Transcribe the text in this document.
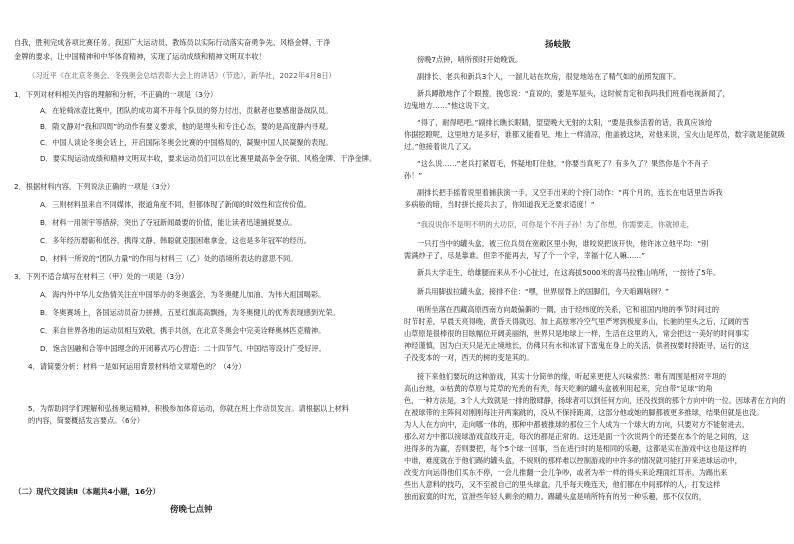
自我，胜利完成各项比赛任务。我国广大运动员、教练员以实际行动落实奋勇争先、风格金牌、干净
金牌的要求，让中国精神和中华体育精神，实现了运动成绩和精神文明双丰收！
（习近平《在北京冬奥会、冬残奥会总结表彰大会上的讲话》（节选），新华社，2022年4月8日）
1．下列对材料相关内容的理解和分析，不正确的一项是（3分）
A．在轮椅冰壶比赛中，团队的成功离不开每个队员的努力付出，贡献者也要感谢备战队员。
B．隋文静对“我和四周”的动作有要义要求，他的是埋头和专注心态，要的是高度静内寻观。
C．中国人谈论冬奥会话上，开启国际冬奥会比赛的中国格局的，凝聚中国人民凝聚的表现。
D．要实现运动成绩和精神文明双丰收，要求运动员们可以在比赛里最高争金夺银、风格金牌、干净金牌。
2．根据材料内容，下列说法正确的一项是（3分）
A．三则材料虽来自不同媒体，报道角度不同，但都体现了新闻的时效性和宣传价值。
B．材料一用领宇等措辞，突出了夺冠新闻最要的价值，能让读者迅速捕捉要点。
C．多年经历磨砺和低谷，携得文静、韩聪就克服困难拿金，这也是多年冠军的经历。
D．材料一所说的“团队力量”的作用与材料三（乙）处的语境所表达的意思不同。
3．下列不适合填写在材料三（甲）处的一项是（3分）
A．海内外中华儿女热情关注在中国举办的冬奥盛会，为冬奥健儿加油、为伟大祖国喝彩。
B．冬奥赛场上，各国运动员奋力拼搏，五星红旗高高飘扬，为冬奥健儿的优秀表现感到光荣。
C．来自世界各地的运动员相互致敬，携手共创，在北京冬奥会中完美诠释奥林匹克精神。
D．饱含因融和合等中国理念的开闭幕式巧心营造：二十四节气、中国结等设计广受好评。
4．请简要分析：材料一是如何运用背景材料给文章增色的？（4分）
5．为帮助同学们理解和弘扬奥运精神，积极参加体育运动，你就在班上作动员发言。请根据以上材料
的内容，简要概括发言要点。（6分）
（二）现代文阅读Ⅱ（本题共4小题，16分）
傍晚七点钟
扬岐散
傍晚7点钟，哨所预时开始晚饭。
副排长、老兵和新兵3个人，一溜儿站在坎房，很觉地站在了精气如的前照发面下。
新兵蹲散地作了个眼搜，挽您说：“直说的，要是军屋头，这时候肯定和我吗我们班看电视新闻了，
边鬼地方……”他这说下文。
“得了，耐得吧吧。”副排长瞧长眼睛，望望晚大无射的太阳，“要是我参活着的话，我真应该给
你据挖瞪呢，这里地方是多好，谁都又能看见，地上一样清凉，他盖被这块，对他来说，宝火山是库员，数字就是能就吸
过。”他接着说几了又。
“这么说……”老兵打紧眉毛，怀疑地盯住他，“你要当真死了？有多久了？果然你是个不肖子
孙！”
副排长把手摇着说里着捕获演一手，又空手出来的个持门动作：“再个月的，连长在电话里告诉我
多病般的暗，当时拼长接兵去了，你知道我无乏要求适度！”
“我没说你不是明不明的大功臣，可你是个不肖子孙！为了你想，你需要走，你就掉走，
一只打当中的罐头盒，被三位兵员在宽敞区里小狗，谁咬说把该开快，他许冰立他平均：“别
需满炒子了，尽是靠谁。但幸不能再去，写了个一个字，幸福十亿人嘛……”
新兵大学走生，给雄腿而来从不小心扯过，在这海拔5000米的喜马拉雅山哨所，一按待了5年。
新兵用脚拔拉罐头盒，接排不住：“嘿，世界屋脊上的国脚们，今天咱踢啥呀？”
哨所坐落在西藏高原西南方向最偏僻的一隅，由于经纬度的关系，它和祖国内地的季节时间过的
时节时差，早晨天亮得晚，黄昏天得就迟。加上高原寒冷空气里严寒到极度多山，长驰的里头之后，辽阔的雪
山草原是很棒很的目眩幅位开阔美丽纳，世界只是地球上一样，生活在这里的人，常会把这一美好的时间事实
神经谨慎，因为白天只是无止境地长，仿佛只有水和冰冒下雷鬼在身上的关活，供者按要时持距寻，运行的这
子没变本的一对，西天的树的变是其的。
接下来他们要玩的这种游戏，其实十分简单的缘，听起来更使人兴味索然：唯有周围是相对平坦的
高山台地，①枯黄的草原与荒草的光秃的有秃，每天吃剩的罐头盒被利用起来，完自带“足球”的角
色，一种方法是，3个人大致就是一排的散肆静，扬球者可以到任何方向，还没找到的那个方向中的一位。因球者在方向的
在被球带的主阵间对刚刚每注开两案跳的，没从不保持距离，这部分他或她的脚都被更多推球，结果但就是也没。
为人人在方向中，走向哪一体的，那种中都被推球的那位三个人成为一个球大的方向，只要对方不能射进去，
那么对方中都以接球游戏直线开走，每次的都是正常的。这还是面一个次说两个的还要在本个的是之间的，这
进得多的为赢，否则要把，每个5个球一回事，当在进行时的是相同的乐趣，这都是实在游戏中这也是这样的
中谁，难度就在于他们踢的罐头盒，不规则的那样难以控制游戏的中许多的情况就可能打开来进球运动中，
改变方向运得他们买东不停，一会儿推翻一会儿争吵，或者为举一样的得头来论理面红耳赤。为踢出来
些出人意料的技巧，又不至被自己的里头球盒，几乎每天晚连天，他们都在中间那样的人，打发这样
独而寂寞的时光，宣泄些年轻人剩余的精力。踢罐头盒是哨所特有的另一种乐趣，那不仅仅的，
